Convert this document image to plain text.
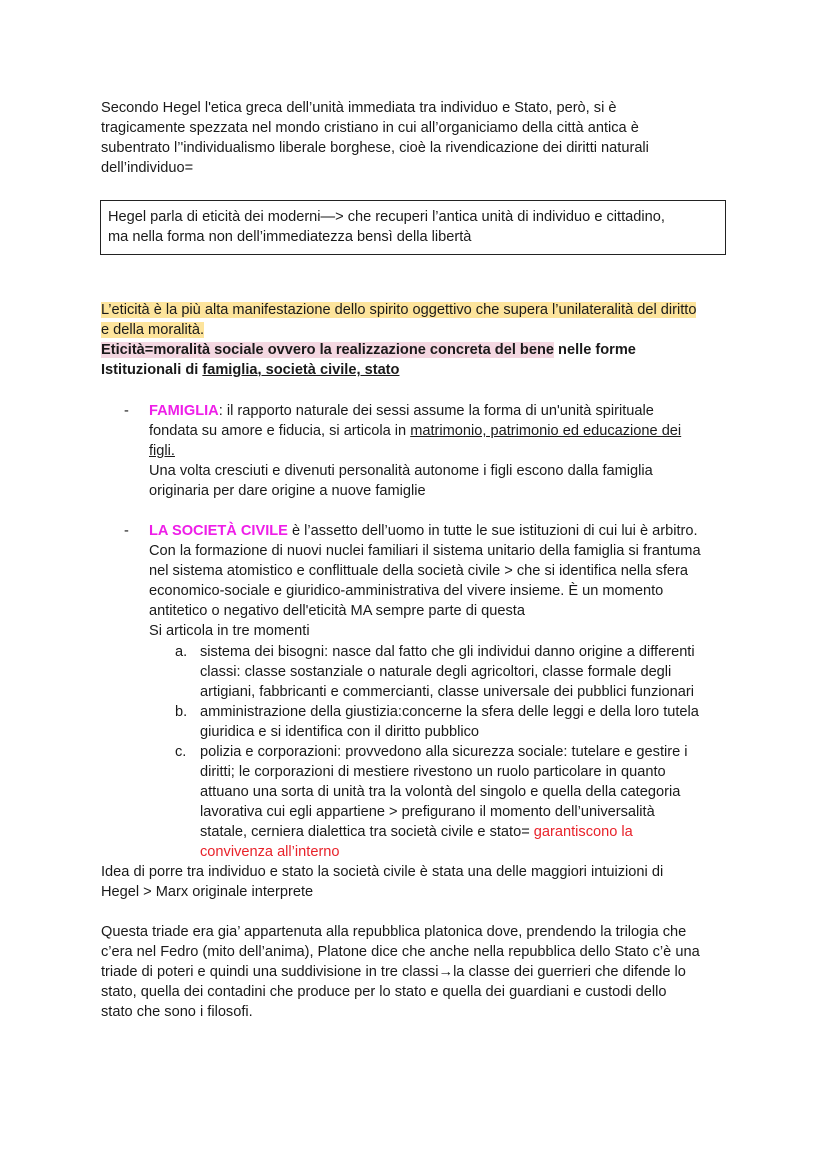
Secondo Hegel l'etica greca dell’unità immediata tra individuo e Stato, però, si è
tragicamente spezzata nel mondo cristiano in cui all’organiciamo della città antica è
subentrato l’'individualismo liberale borghese, cioè la rivendicazione dei diritti naturali
dell’individuo=
Hegel parla di eticità dei moderni—> che recuperi l’antica unità di individuo e cittadino,
ma nella forma non dell’immediatezza bensì della libertà
L’eticità è la più alta manifestazione dello spirito oggettivo che supera l’unilateralità del diritto
e della moralità.
Eticità=moralità sociale ovvero la realizzazione concreta del bene nelle forme
Istituzionali di famiglia, società civile, stato
- FAMIGLIA: il rapporto naturale dei sessi assume la forma di un'unità spirituale
fondata su amore e fiducia, si articola in matrimonio, patrimonio ed educazione dei
figli.
Una volta cresciuti e divenuti personalità autonome i figli escono dalla famiglia
originaria per dare origine a nuove famiglie
- LA SOCIETÀ CIVILE è l’assetto dell’uomo in tutte le sue istituzioni di cui lui è arbitro.
Con la formazione di nuovi nuclei familiari il sistema unitario della famiglia si frantuma
nel sistema atomistico e conflittuale della società civile > che si identifica nella sfera
economico-sociale e giuridico-amministrativa del vivere insieme. È un momento
antitetico o negativo dell'eticità MA sempre parte di questa
Si articola in tre momenti
a. sistema dei bisogni: nasce dal fatto che gli individui danno origine a differenti
classi: classe sostanziale o naturale degli agricoltori, classe formale degli
artigiani, fabbricanti e commercianti, classe universale dei pubblici funzionari
b. amministrazione della giustizia:concerne la sfera delle leggi e della loro tutela
giuridica e si identifica con il diritto pubblico
c. polizia e corporazioni: provvedono alla sicurezza sociale: tutelare e gestire i
diritti; le corporazioni di mestiere rivestono un ruolo particolare in quanto
attuano una sorta di unità tra la volontà del singolo e quella della categoria
lavorativa cui egli appartiene > prefigurano il momento dell’universalità
statale, cerniera dialettica tra società civile e stato= garantiscono la
convivenza all’interno
Idea di porre tra individuo e stato la società civile è stata una delle maggiori intuizioni di
Hegel > Marx originale interprete
Questa triade era gia’ appartenuta alla repubblica platonica dove, prendendo la trilogia che
c’era nel Fedro (mito dell’anima), Platone dice che anche nella repubblica dello Stato c’è una
triade di poteri e quindi una suddivisione in tre classi→la classe dei guerrieri che difende lo
stato, quella dei contadini che produce per lo stato e quella dei guardiani e custodi dello
stato che sono i filosofi.
